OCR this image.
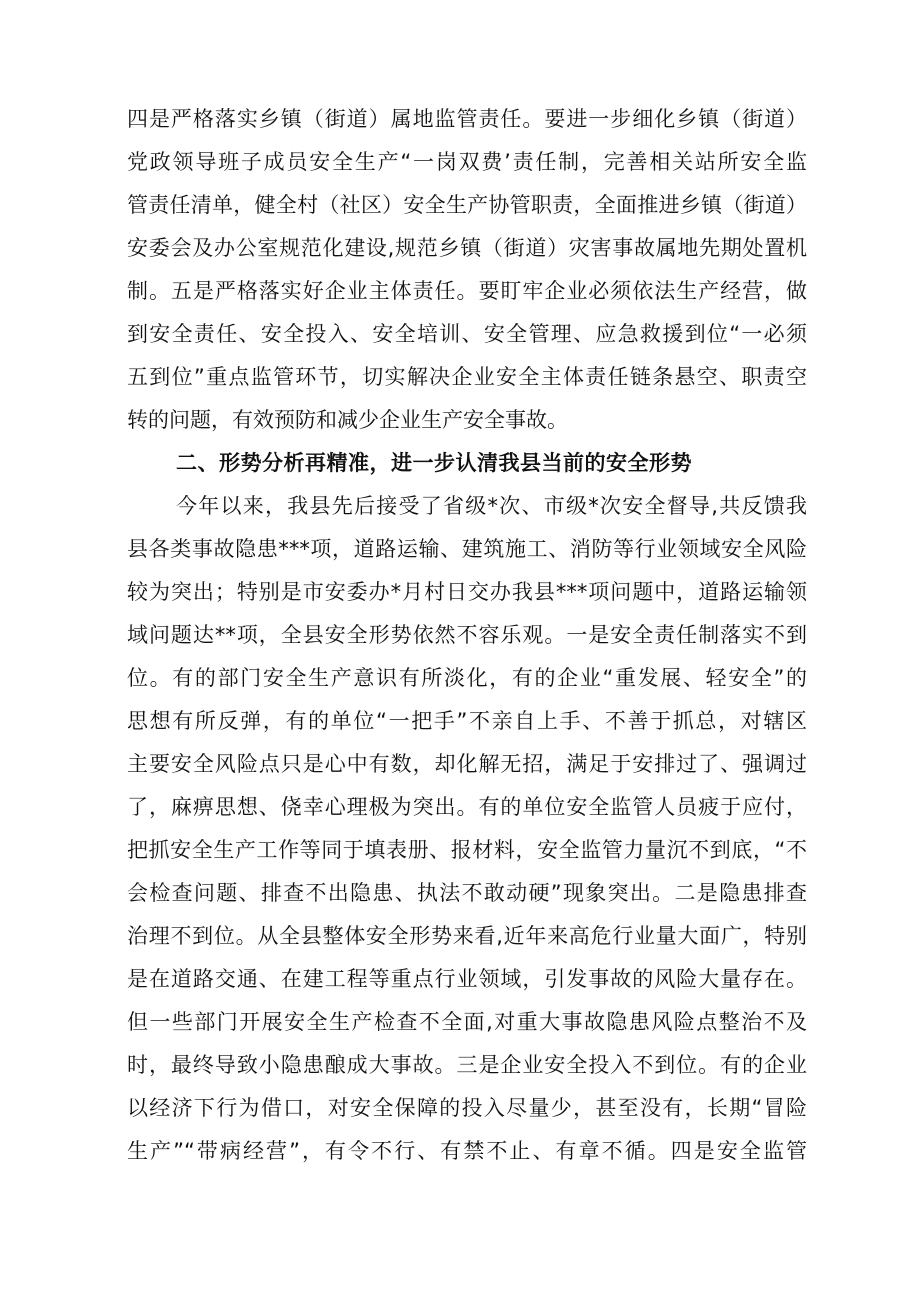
四是严格落实乡镇（街道）属地监管责任。要进一步细化乡镇（街道）
党政领导班子成员安全生产“一岗双费’责任制，完善相关站所安全监
管责任清单，健全村（社区）安全生产协管职责，全面推进乡镇（街道）
安委会及办公室规范化建设,规范乡镇（街道）灾害事故属地先期处置机
制。五是严格落实好企业主体责任。要盯牢企业必须依法生产经营，做
到安全责任、安全投入、安全培训、安全管理、应急救援到位“一必须
五到位”重点监管环节，切实解决企业安全主体责任链条悬空、职责空
转的问题，有效预防和减少企业生产安全事故。
二、形势分析再精准，进一步认清我县当前的安全形势
今年以来，我县先后接受了省级*次、市级*次安全督导,共反馈我
县各类事故隐患***项，道路运输、建筑施工、消防等行业领域安全风险
较为突出；特别是市安委办*月村日交办我县***项问题中，道路运输领
域问题达**项，全县安全形势依然不容乐观。一是安全责任制落实不到
位。有的部门安全生产意识有所淡化，有的企业“重发展、轻安全”的
思想有所反弹，有的单位“一把手”不亲自上手、不善于抓总，对辖区
主要安全风险点只是心中有数，却化解无招，满足于安排过了、强调过
了，麻痹思想、侥幸心理极为突出。有的单位安全监管人员疲于应付，
把抓安全生产工作等同于填表册、报材料，安全监管力量沉不到底，“不
会检查问题、排查不出隐患、执法不敢动硬”现象突出。二是隐患排查
治理不到位。从全县整体安全形势来看,近年来高危行业量大面广，特别
是在道路交通、在建工程等重点行业领域，引发事故的风险大量存在。
但一些部门开展安全生产检查不全面,对重大事故隐患风险点整治不及
时，最终导致小隐患酿成大事故。三是企业安全投入不到位。有的企业
以经济下行为借口，对安全保障的投入尽量少，甚至没有，长期“冒险
生产”“带病经营”，有令不行、有禁不止、有章不循。四是安全监管
